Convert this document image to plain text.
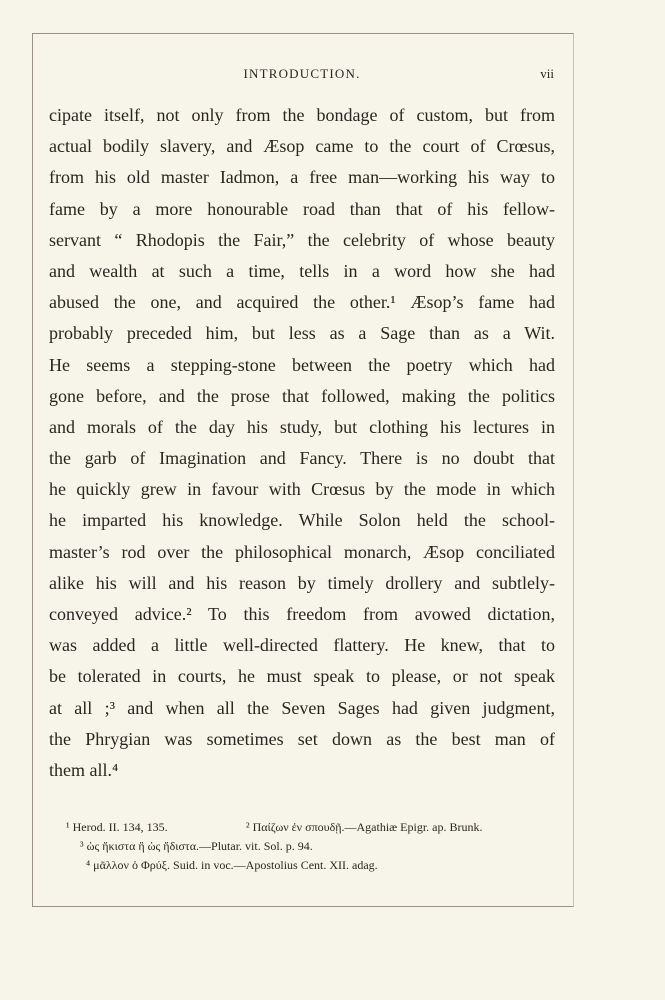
INTRODUCTION.	vii
cipate itself, not only from the bondage of custom, but from
actual bodily slavery, and Æsop came to the court of Crœsus,
from his old master Iadmon, a free man—working his way to
fame by a more honourable road than that of his fellow-
servant “ Rhodopis the Fair,” the celebrity of whose beauty
and wealth at such a time, tells in a word how she had
abused the one, and acquired the other.¹ Æsop’s fame had
probably preceded him, but less as a Sage than as a Wit.
He seems a stepping-stone between the poetry which had
gone before, and the prose that followed, making the politics
and morals of the day his study, but clothing his lectures in
the garb of Imagination and Fancy. There is no doubt that
he quickly grew in favour with Crœsus by the mode in which
he imparted his knowledge. While Solon held the school-
master’s rod over the philosophical monarch, Æsop conciliated
alike his will and his reason by timely drollery and subtlely-
conveyed advice.² To this freedom from avowed dictation,
was added a little well-directed flattery. He knew, that to
be tolerated in courts, he must speak to please, or not speak
at all ;³ and when all the Seven Sages had given judgment,
the Phrygian was sometimes set down as the best man of
them all.⁴
¹ Herod. II. 134, 135.	² Παίζων ἐν σπουδῇ.—Agathiæ Epigr. ap. Brunk.
³ ὡς ἥκιστα ἢ ὡς ἥδιστα.—Plutar. vit. Sol. p. 94.
⁴ μᾶλλον ὁ Φρύξ. Suid. in voc.—Apostolius Cent. XII. adag.
